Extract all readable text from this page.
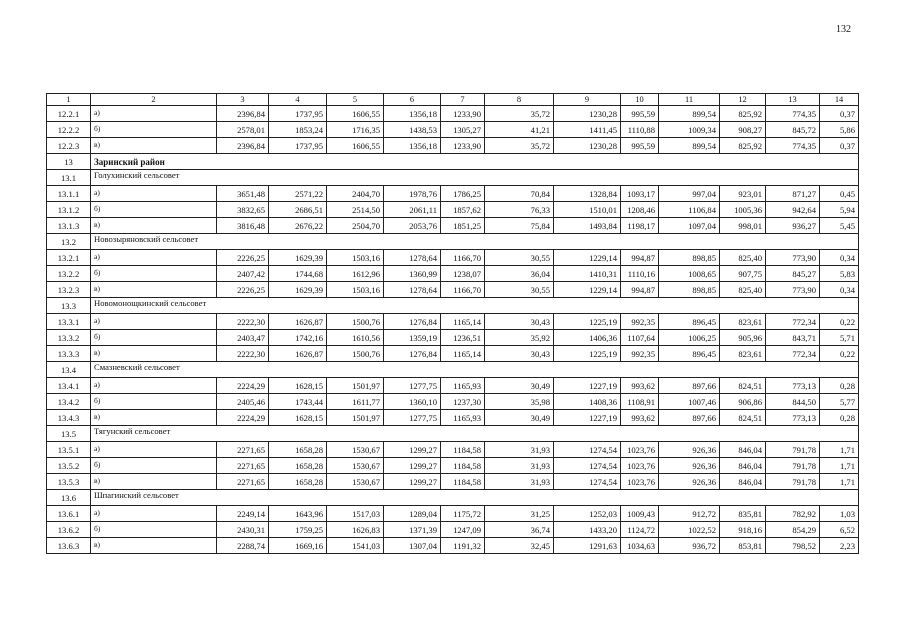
132
1	2	3	4	5	6	7	8	9	10	11	12	13	14
12.2.1	а)	2396,84	1737,95	1606,55	1356,18	1233,90	35,72	1230,28	995,59	899,54	825,92	774,35	0,37
12.2.2	б)	2578,01	1853,24	1716,35	1438,53	1305,27	41,21	1411,45	1110,88	1009,34	908,27	845,72	5,86
12.2.3	в)	2396,84	1737,95	1606,55	1356,18	1233,90	35,72	1230,28	995,59	899,54	825,92	774,35	0,37
13	Заринский район												
13.1	Голухинский сельсовет												
13.1.1	а)	3651,48	2571,22	2404,70	1978,76	1786,25	70,84	1328,84	1093,17	997,04	923,01	871,27	0,45
13.1.2	б)	3832,65	2686,51	2514,50	2061,11	1857,62	76,33	1510,01	1208,46	1106,84	1005,36	942,64	5,94
13.1.3	в)	3816,48	2676,22	2504,70	2053,76	1851,25	75,84	1493,84	1198,17	1097,04	998,01	936,27	5,45
13.2	Новозыряновский сельсовет												
13.2.1	а)	2226,25	1629,39	1503,16	1278,64	1166,70	30,55	1229,14	994,87	898,85	825,40	773,90	0,34
13.2.2	б)	2407,42	1744,68	1612,96	1360,99	1238,07	36,04	1410,31	1110,16	1008,65	907,75	845,27	5,83
13.2.3	в)	2226,25	1629,39	1503,16	1278,64	1166,70	30,55	1229,14	994,87	898,85	825,40	773,90	0,34
13.3	Новомонощкинский сельсовет												
13.3.1	а)	2222,30	1626,87	1500,76	1276,84	1165,14	30,43	1225,19	992,35	896,45	823,61	772,34	0,22
13.3.2	б)	2403,47	1742,16	1610,56	1359,19	1236,51	35,92	1406,36	1107,64	1006,25	905,96	843,71	5,71
13.3.3	в)	2222,30	1626,87	1500,76	1276,84	1165,14	30,43	1225,19	992,35	896,45	823,61	772,34	0,22
13.4	Смазневский сельсовет												
13.4.1	а)	2224,29	1628,15	1501,97	1277,75	1165,93	30,49	1227,19	993,62	897,66	824,51	773,13	0,28
13.4.2	б)	2405,46	1743,44	1611,77	1360,10	1237,30	35,98	1408,36	1108,91	1007,46	906,86	844,50	5,77
13.4.3	в)	2224,29	1628,15	1501,97	1277,75	1165,93	30,49	1227,19	993,62	897,66	824,51	773,13	0,28
13.5	Тягунский сельсовет												
13.5.1	а)	2271,65	1658,28	1530,67	1299,27	1184,58	31,93	1274,54	1023,76	926,36	846,04	791,78	1,71
13.5.2	б)	2271,65	1658,28	1530,67	1299,27	1184,58	31,93	1274,54	1023,76	926,36	846,04	791,78	1,71
13.5.3	в)	2271,65	1658,28	1530,67	1299,27	1184,58	31,93	1274,54	1023,76	926,36	846,04	791,78	1,71
13.6	Шпагинский сельсовет												
13.6.1	а)	2249,14	1643,96	1517,03	1289,04	1175,72	31,25	1252,03	1009,43	912,72	835,81	782,92	1,03
13.6.2	б)	2430,31	1759,25	1626,83	1371,39	1247,09	36,74	1433,20	1124,72	1022,52	918,16	854,29	6,52
13.6.3	в)	2288,74	1669,16	1541,03	1307,04	1191,32	32,45	1291,63	1034,63	936,72	853,81	798,52	2,23
